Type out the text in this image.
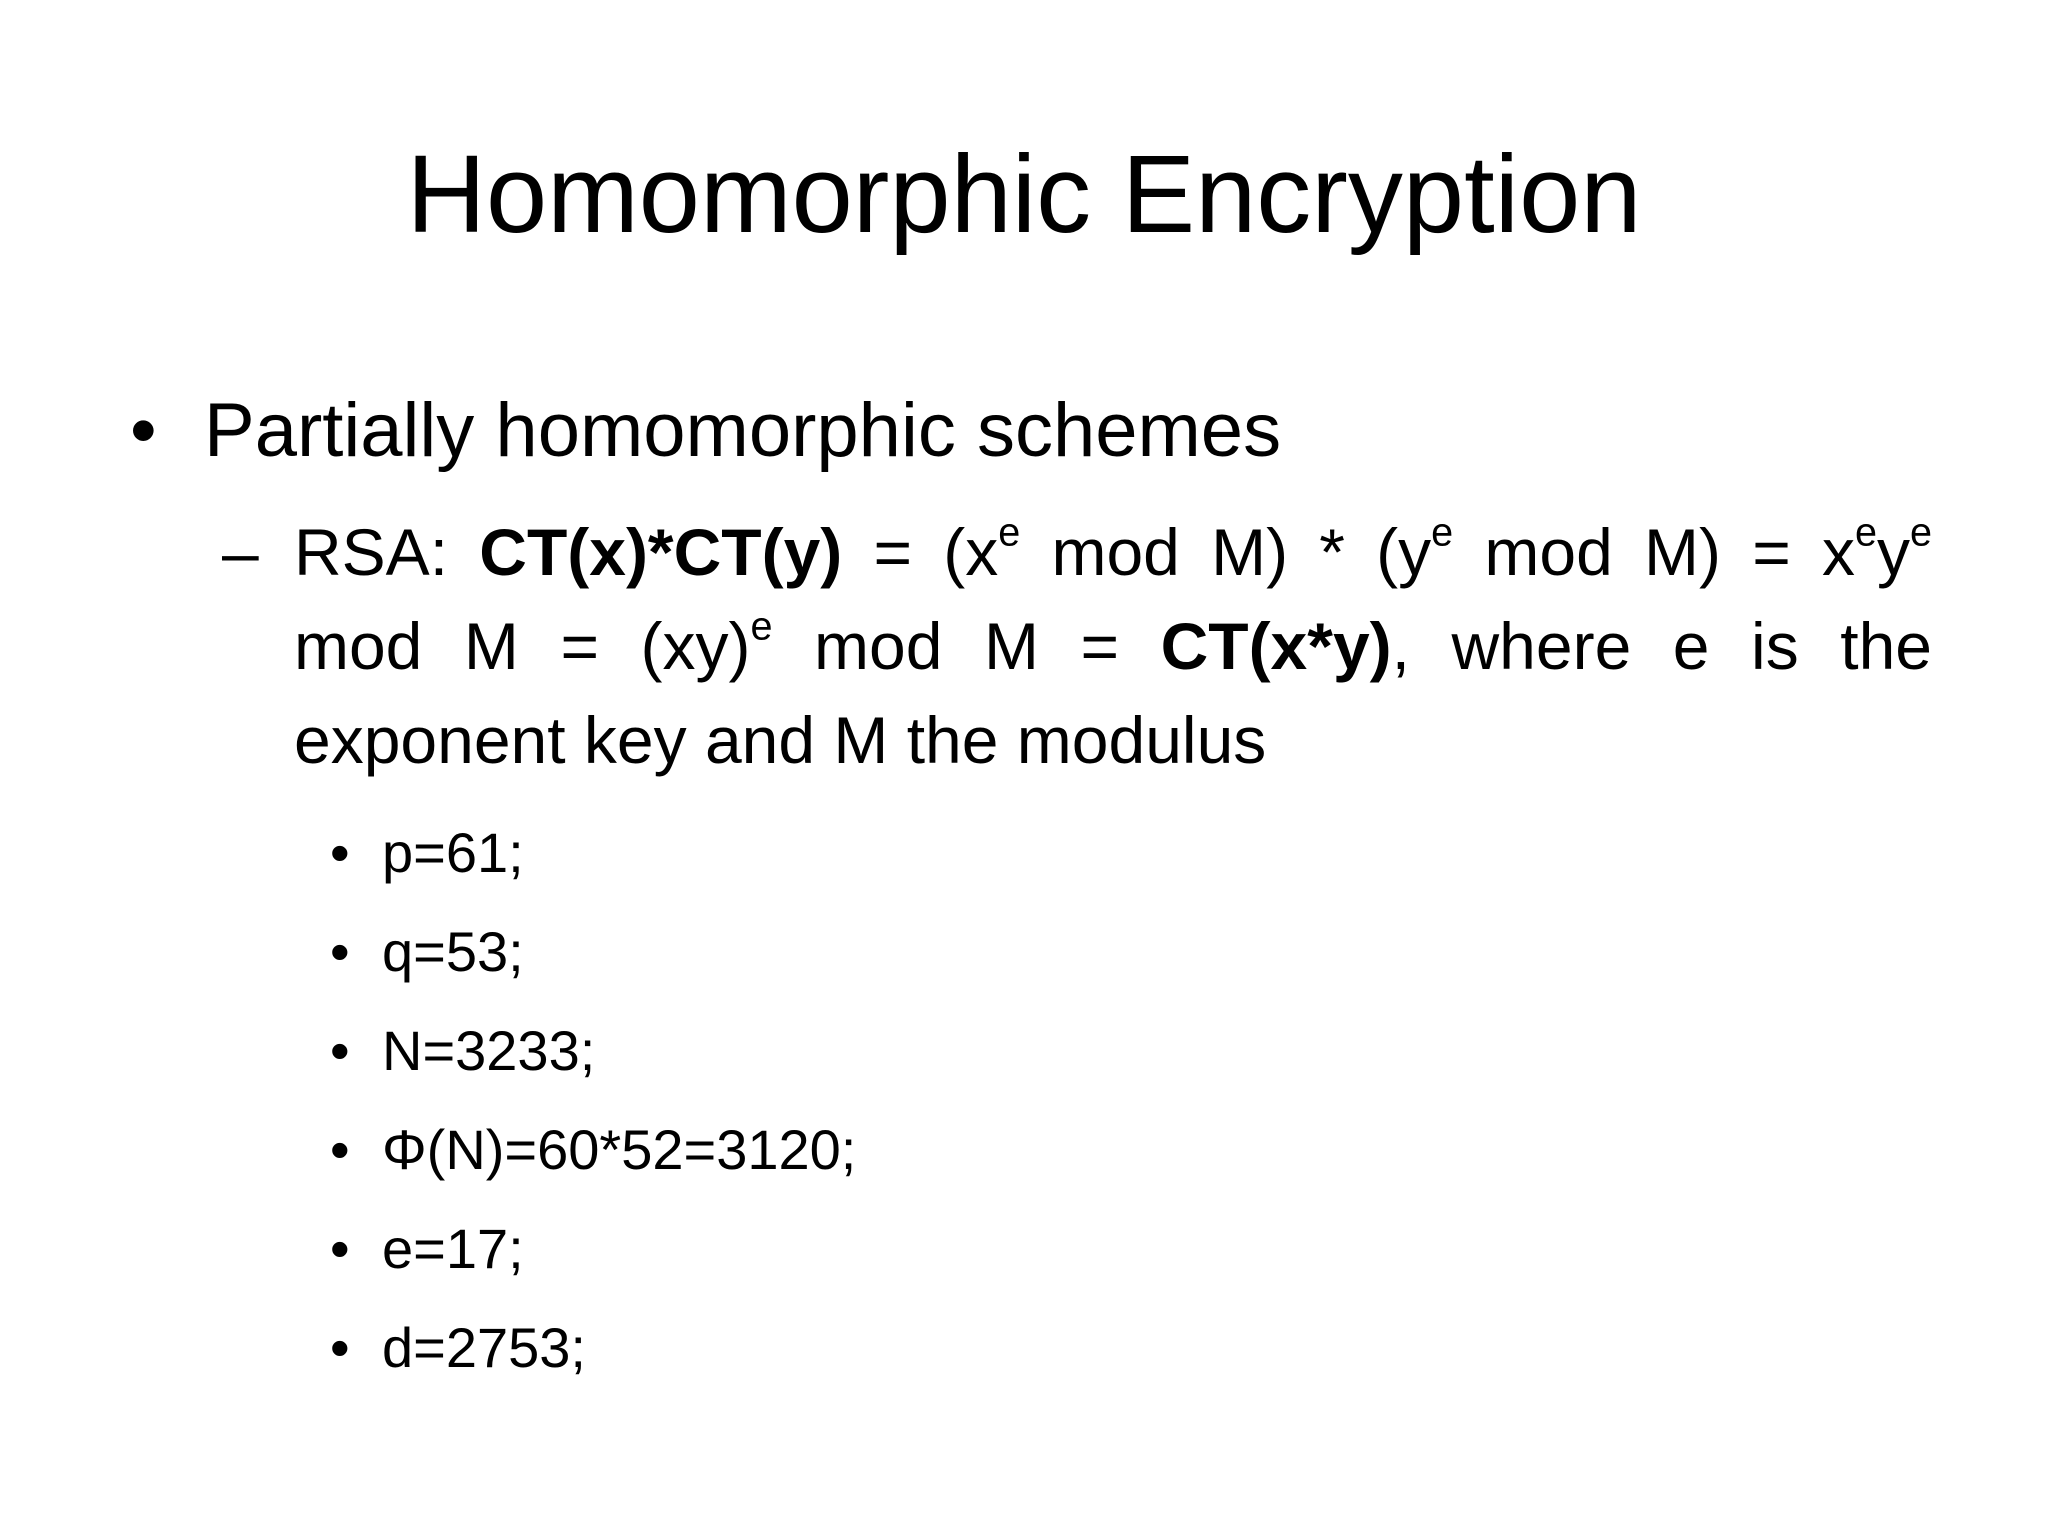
Homomorphic Encryption
• Partially homomorphic schemes
– RSA: $CT(x)*CT(y) = (x^e$ mod $M) * (y^e$ mod $M) = x^ey^e$ mod M = (xy)$^e$ mod M = CT(x*y), where e is the exponent key and M the modulus
• p=61;
• q=53;
• N=3233;
• Φ(N)=60*52=3120;
• e=17;
• d=2753;
